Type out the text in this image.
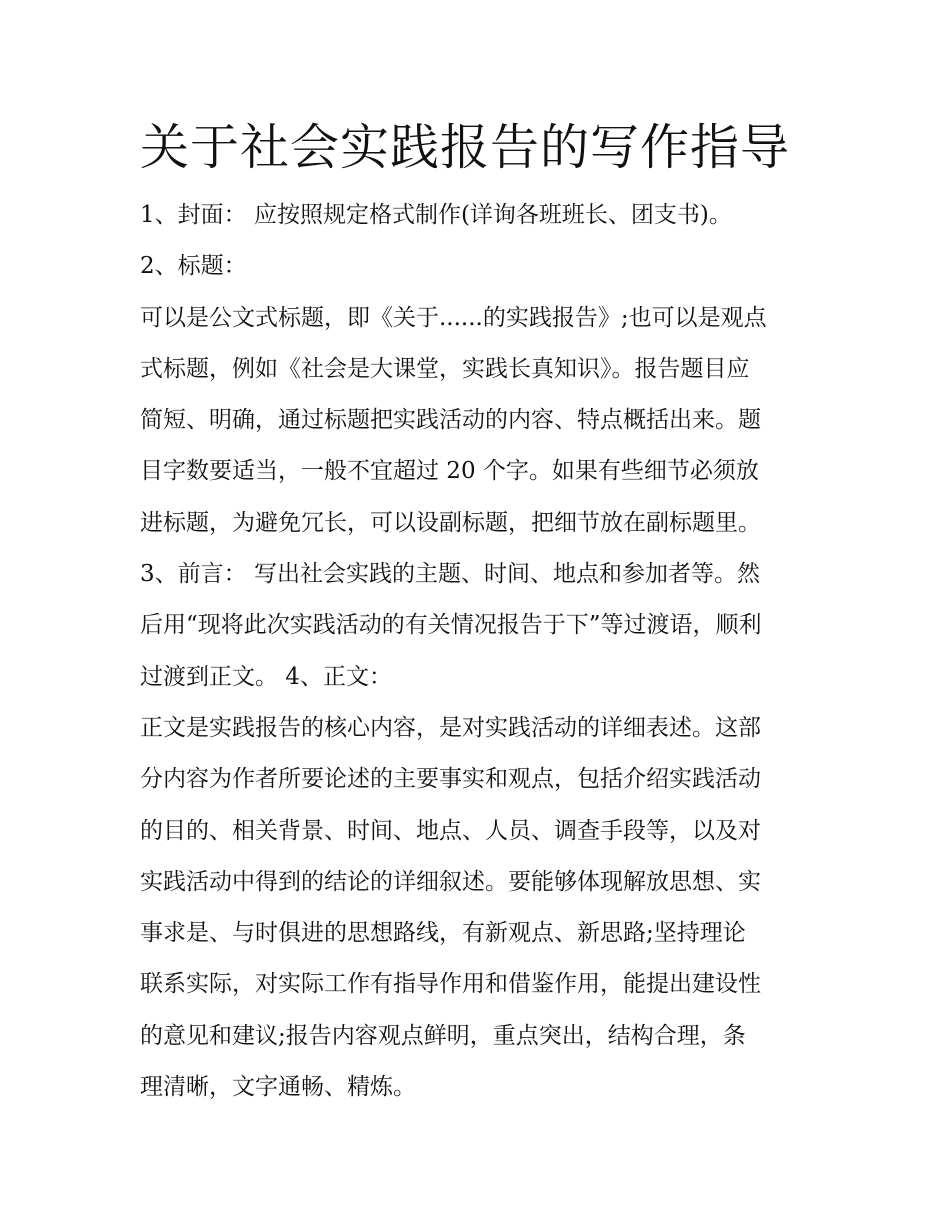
关于社会实践报告的写作指导
1、封面： 应按照规定格式制作(详询各班班长、团支书)。
2、标题：
可以是公文式标题，即《关于......的实践报告》;也可以是观点
式标题，例如《社会是大课堂，实践长真知识》。报告题目应
简短、明确，通过标题把实践活动的内容、特点概括出来。题
目字数要适当，一般不宜超过 20 个字。如果有些细节必须放
进标题，为避免冗长，可以设副标题，把细节放在副标题里。
3、前言： 写出社会实践的主题、时间、地点和参加者等。然
后用“现将此次实践活动的有关情况报告于下”等过渡语，顺利
过渡到正文。 4、正文：
正文是实践报告的核心内容，是对实践活动的详细表述。这部
分内容为作者所要论述的主要事实和观点，包括介绍实践活动
的目的、相关背景、时间、地点、人员、调查手段等，以及对
实践活动中得到的结论的详细叙述。要能够体现解放思想、实
事求是、与时俱进的思想路线，有新观点、新思路;坚持理论
联系实际，对实际工作有指导作用和借鉴作用，能提出建设性
的意见和建议;报告内容观点鲜明，重点突出，结构合理，条
理清晰，文字通畅、精炼。
